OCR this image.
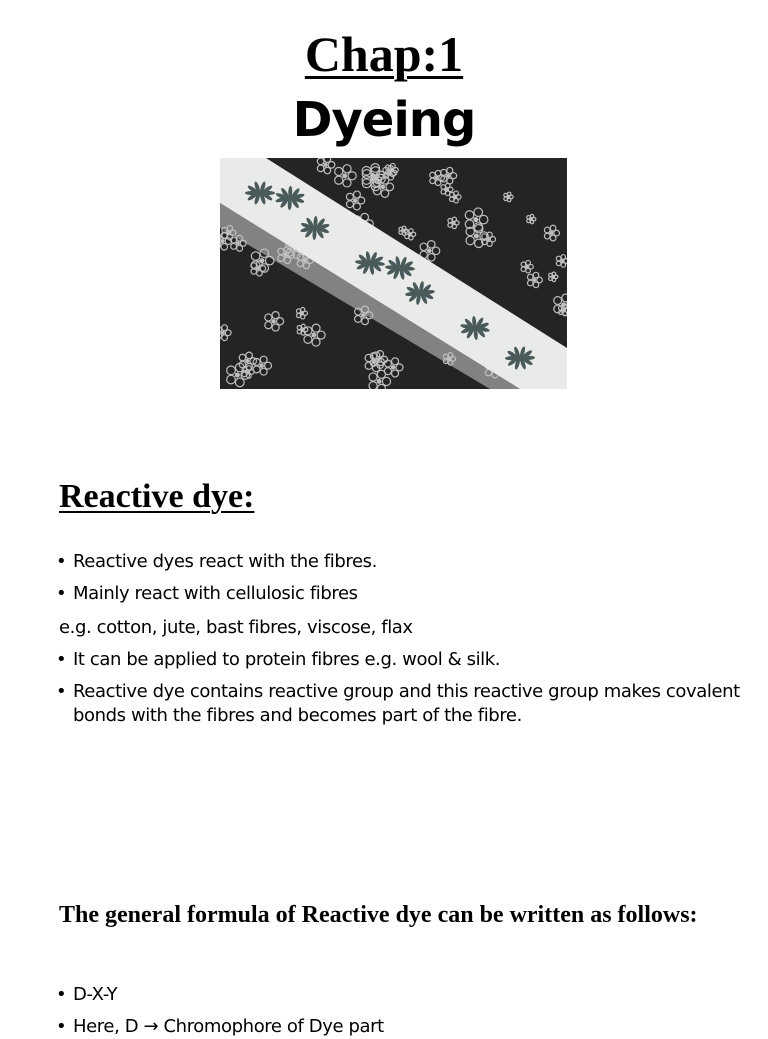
Chap:1
Dyeing
Reactive dye:
• Reactive dyes react with the fibres.
• Mainly react with cellulosic fibres

e.g. cotton, jute, bast fibres, viscose, flax

• It can be applied to protein fibres e.g. wool & silk.
• Reactive dye contains reactive group and this reactive group makes covalent bonds with the fibres and becomes part of the fibre.
The general formula of Reactive dye can be written as follows:
• D-X-Y
• Here, D → Chromophore of Dye part
